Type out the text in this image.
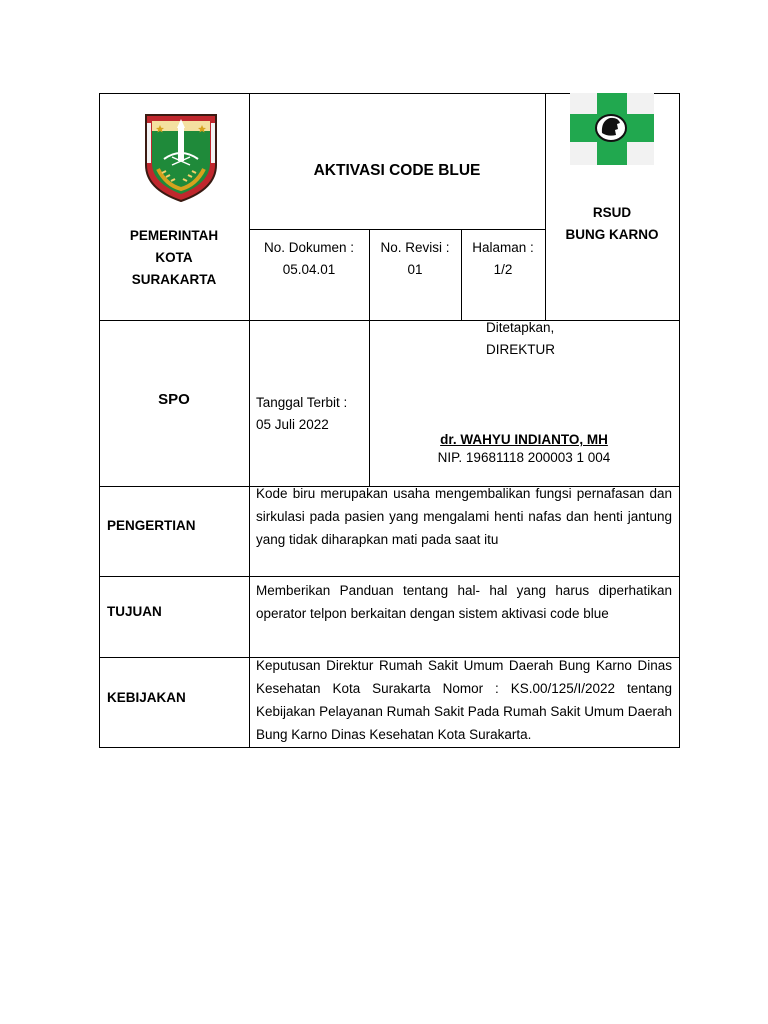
PEMERINTAH
KOTA
SURAKARTA
AKTIVASI CODE BLUE
RSUD
BUNG KARNO
No. Dokumen :
05.04.01
No. Revisi :
01
Halaman :
1/2
SPO	Tanggal Terbit :
05 Juli 2022
Ditetapkan,
DIREKTUR
dr. WAHYU INDIANTO, MH
NIP. 19681118 200003 1 004
PENGERTIAN
Kode biru merupakan usaha mengembalikan fungsi pernafasan dan sirkulasi pada pasien yang mengalami henti nafas dan henti jantung yang tidak diharapkan mati pada saat itu
TUJUAN
Memberikan Panduan tentang hal- hal yang harus diperhatikan operator telpon berkaitan dengan sistem aktivasi code blue
KEBIJAKAN
Keputusan Direktur Rumah Sakit Umum Daerah Bung Karno Dinas Kesehatan Kota Surakarta Nomor : KS.00/125/I/2022 tentang Kebijakan Pelayanan Rumah Sakit Pada Rumah Sakit Umum Daerah Bung Karno Dinas Kesehatan Kota Surakarta.
